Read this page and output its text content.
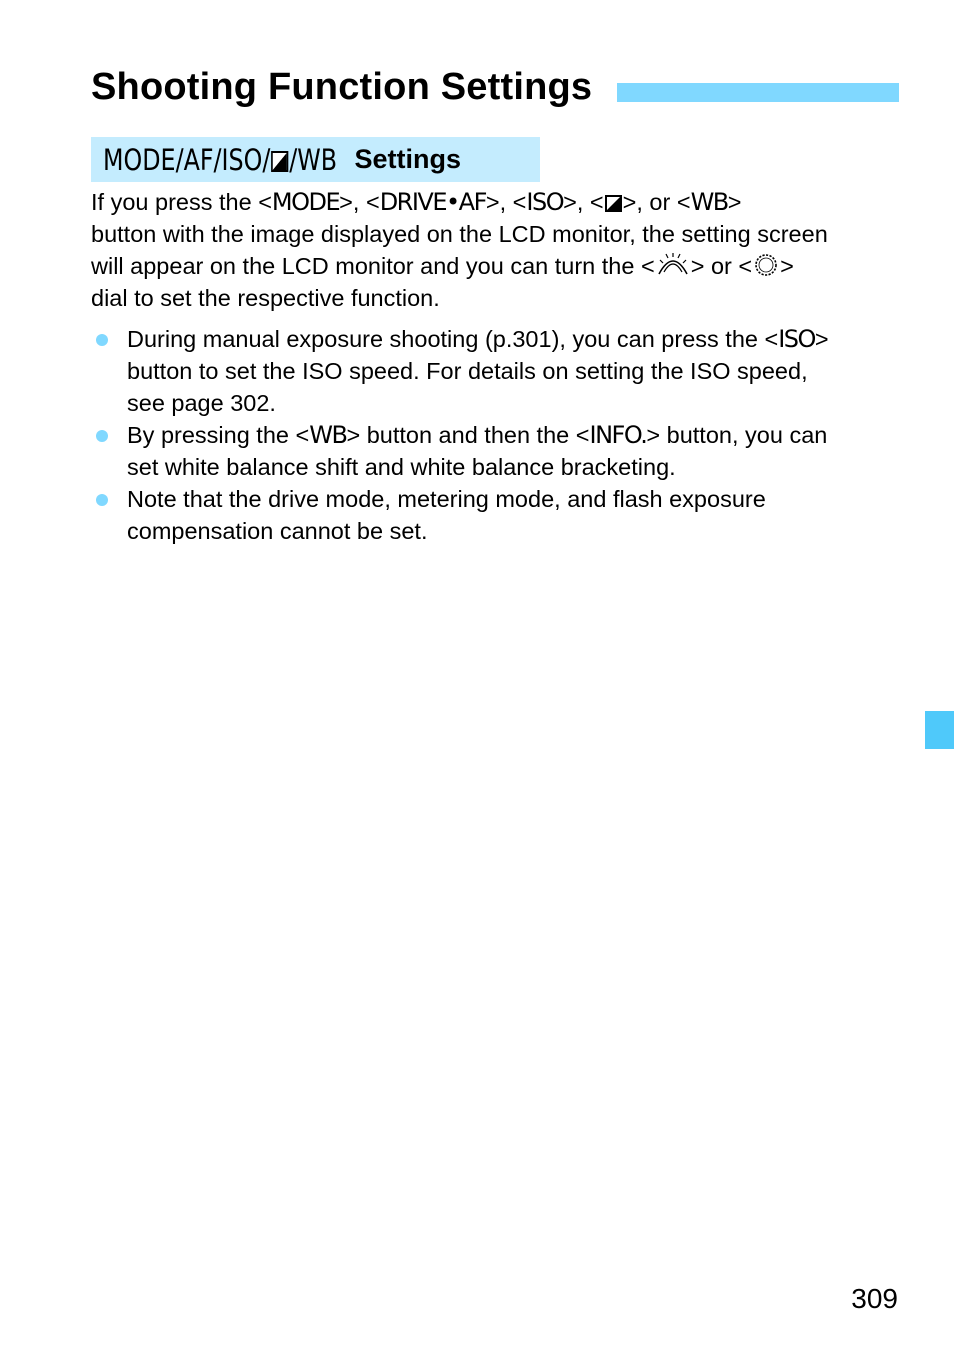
Shooting Function Settings
MODE/AF/ISO/ /WB Settings

If you press the <MODE>, <DRIVE•AF>, <ISO>, < >, or <WB>
button with the image displayed on the LCD monitor, the setting screen
will appear on the LCD monitor and you can turn the < > or < >
dial to set the respective function.

During manual exposure shooting (p.301), you can press the <ISO>
button to set the ISO speed. For details on setting the ISO speed,
see page 302.
By pressing the <WB> button and then the <INFO.> button, you can
set white balance shift and white balance bracketing.
Note that the drive mode, metering mode, and flash exposure
compensation cannot be set.
309
